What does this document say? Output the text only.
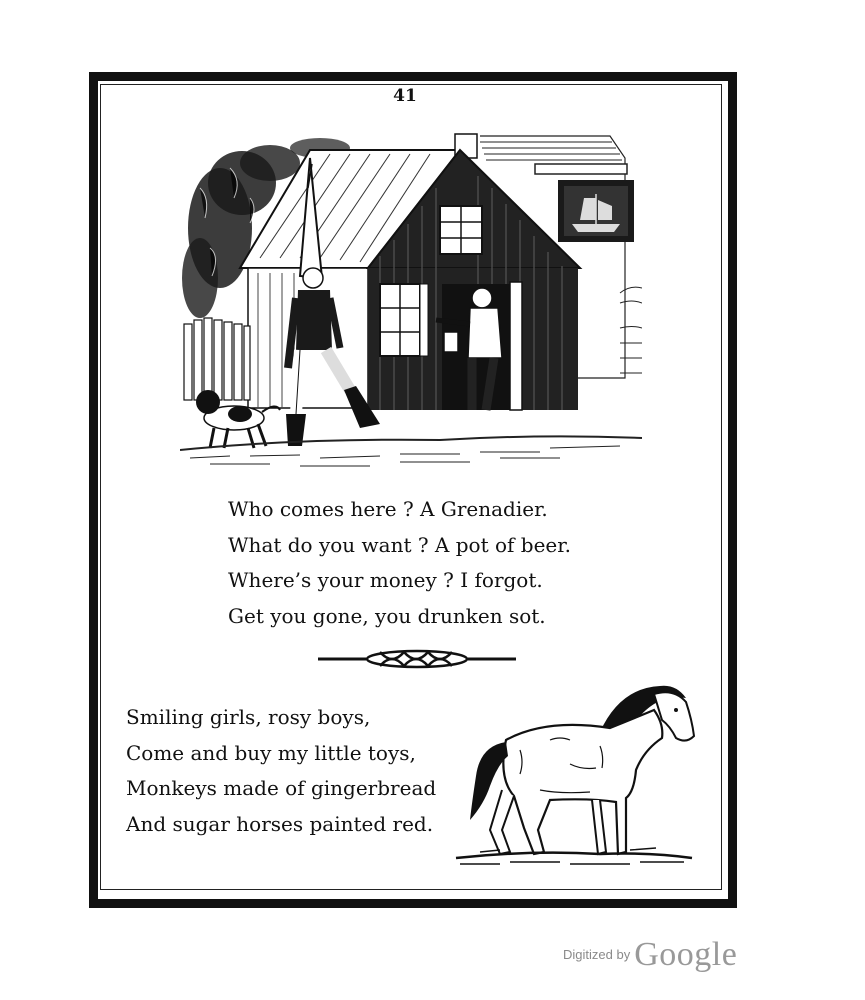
41
Who comes here ? A Grenadier.
What do you want ? A pot of beer.
Where’s your money ? I forgot.
Get you gone, you drunken sot.
Smiling girls, rosy boys,
Come and buy my little toys,
Monkeys made of gingerbread
And sugar horses painted red.
$^{Digitized by}$ Google
